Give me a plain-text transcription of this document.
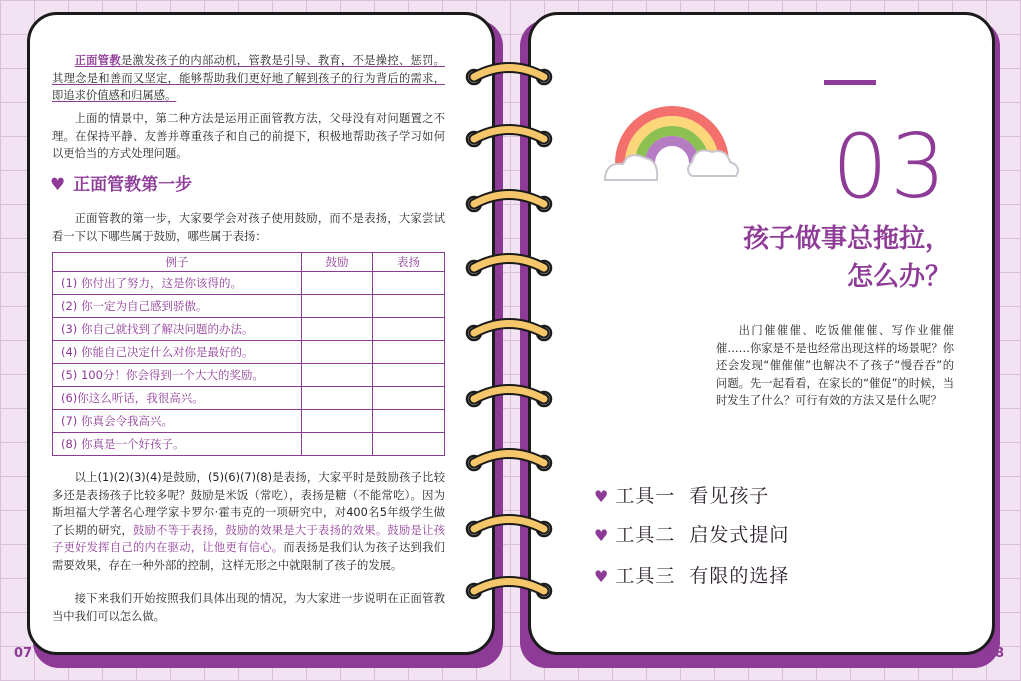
正面管教是激发孩子的内部动机，管教是引导、教育，不是操控、惩罚。其理念是和善而又坚定，能够帮助我们更好地了解到孩子的行为背后的需求，即追求价值感和归属感。

上面的情景中，第二种方法是运用正面管教方法，父母没有对问题置之不理。在保持平静、友善并尊重孩子和自己的前提下，积极地帮助孩子学习如何以更恰当的方式处理问题。

♥ 正面管教第一步

正面管教的第一步，大家要学会对孩子使用鼓励，而不是表扬，大家尝试看一下以下哪些属于鼓励，哪些属于表扬：

例子	鼓励	表扬
(1) 你付出了努力，这是你该得的。		
(2) 你一定为自己感到骄傲。		
(3) 你自己就找到了解决问题的办法。		
(4) 你能自己决定什么对你是最好的。		
(5) 100分！你会得到一个大大的奖励。		
(6)你这么听话，我很高兴。		
(7) 你真会令我高兴。		
(8) 你真是一个好孩子。		

以上(1)(2)(3)(4)是鼓励，(5)(6)(7)(8)是表扬，大家平时是鼓励孩子比较多还是表扬孩子比较多呢？鼓励是米饭（常吃），表扬是糖（不能常吃）。因为斯坦福大学著名心理学家卡罗尔·霍韦克的一项研究中，对400名5年级学生做了长期的研究，鼓励不等于表扬，鼓励的效果是大于表扬的效果。鼓励是让孩子更好发挥自己的内在驱动，让他更有信心。而表扬是我们认为孩子达到我们需要效果，存在一种外部的控制，这样无形之中就限制了孩子的发展。

接下来我们开始按照我们具体出现的情况，为大家进一步说明在正面管教当中我们可以怎么做。

07	08
03
孩子做事总拖拉，
怎么办？

出门催催催、吃饭催催催、写作业催催催……你家是不是也经常出现这样的场景呢？你还会发现“催催催”也解决不了孩子“慢吞吞”的问题。先一起看看，在家长的“催促”的时候，当时发生了什么？可行有效的方法又是什么呢？

♥ 工具一  看见孩子
♥ 工具二  启发式提问
♥ 工具三  有限的选择
